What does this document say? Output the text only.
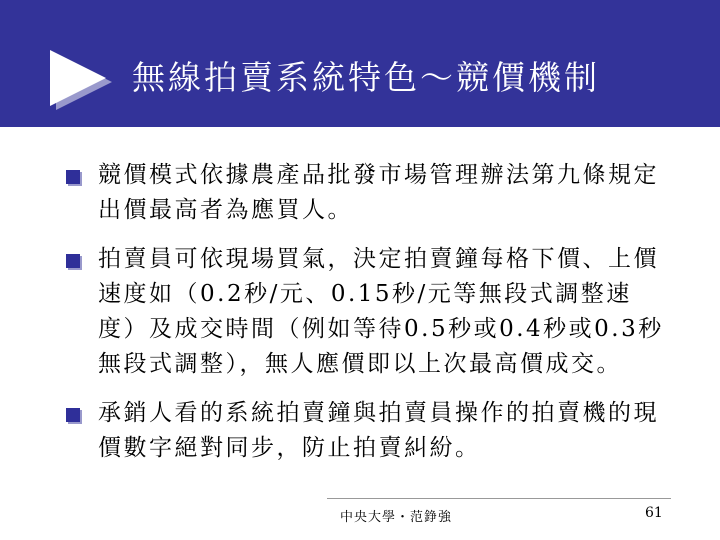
無線拍賣系統特色～競價機制
競價模式依據農產品批發市場管理辦法第九條規定出價最高者為應買人。
拍賣員可依現場買氣，決定拍賣鐘每格下價、上價速度如（0.2秒/元、0.15秒/元等無段式調整速度）及成交時間（例如等待0.5秒或0.4秒或0.3秒無段式調整），無人應價即以上次最高價成交。
承銷人看的系統拍賣鐘與拍賣員操作的拍賣機的現價數字絕對同步，防止拍賣糾紛。
中央大學・范錚強	61
